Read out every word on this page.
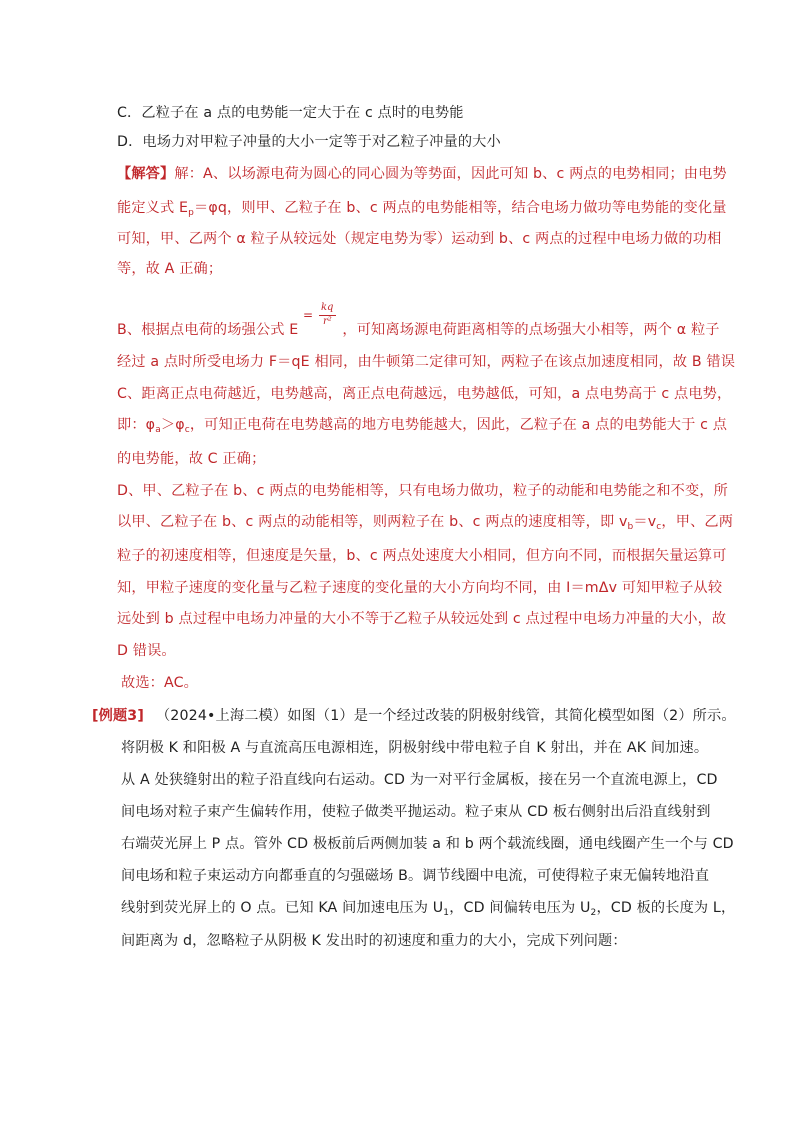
C．乙粒子在 a 点的电势能一定大于在 c 点时的电势能
D．电场力对甲粒子冲量的大小一定等于对乙粒子冲量的大小
【解答】解：A、以场源电荷为圆心的同心圆为等势面，因此可知 b、c 两点的电势相同；由电势
能定义式 $E_p=\varphi q$，则甲、乙粒子在 b、c 两点的电势能相等，结合电场力做功等电势能的变化量
可知，甲、乙两个 α 粒子从较远处（规定电势为零）运动到 b、c 两点的过程中电场力做的功相
等，故 A 正确；
B、根据点电荷的场强公式 E	，可知离场源电荷距离相等的点场强大小相等，两个 α 粒子
=
kq
r²
经过 a 点时所受电场力 F＝qE 相同，由牛顿第二定律可知，两粒子在该点加速度相同，故 B 错误
C、距离正点电荷越近，电势越高，离正点电荷越远，电势越低，可知，a 点电势高于 c 点电势，
即：$\varphi_a>\varphi_c$，可知正电荷在电势越高的地方电势能越大，因此，乙粒子在 a 点的电势能大于 c 点
的电势能，故 C 正确；
D、甲、乙粒子在 b、c 两点的电势能相等，只有电场力做功，粒子的动能和电势能之和不变，所
以甲、乙粒子在 b、c 两点的动能相等，则两粒子在 b、c 两点的速度相等，即 $v_b=v_c$，甲、乙两
粒子的初速度相等，但速度是矢量，b、c 两点处速度大小相同，但方向不同，而根据矢量运算可
知，甲粒子速度的变化量与乙粒子速度的变化量的大小方向均不同，由 I＝mΔv 可知甲粒子从较
远处到 b 点过程中电场力冲量的大小不等于乙粒子从较远处到 c 点过程中电场力冲量的大小，故
D 错误。
故选：AC。
[例题3] （2024•上海二模）如图（1）是一个经过改装的阴极射线管，其简化模型如图（2）所示。
将阴极 K 和阳极 A 与直流高压电源相连，阴极射线中带电粒子自 K 射出，并在 AK 间加速。
从 A 处狭缝射出的粒子沿直线向右运动。CD 为一对平行金属板，接在另一个直流电源上，CD
间电场对粒子束产生偏转作用，使粒子做类平抛运动。粒子束从 CD 板右侧射出后沿直线射到
右端荧光屏上 P 点。管外 CD 极板前后两侧加装 a 和 b 两个载流线圈，通电线圈产生一个与 CD
间电场和粒子束运动方向都垂直的匀强磁场 B。调节线圈中电流，可使得粒子束无偏转地沿直
线射到荧光屏上的 O 点。已知 KA 间加速电压为 $U_1$，CD 间偏转电压为 $U_2$，CD 板的长度为 L，
间距离为 d，忽略粒子从阴极 K 发出时的初速度和重力的大小，完成下列问题：
